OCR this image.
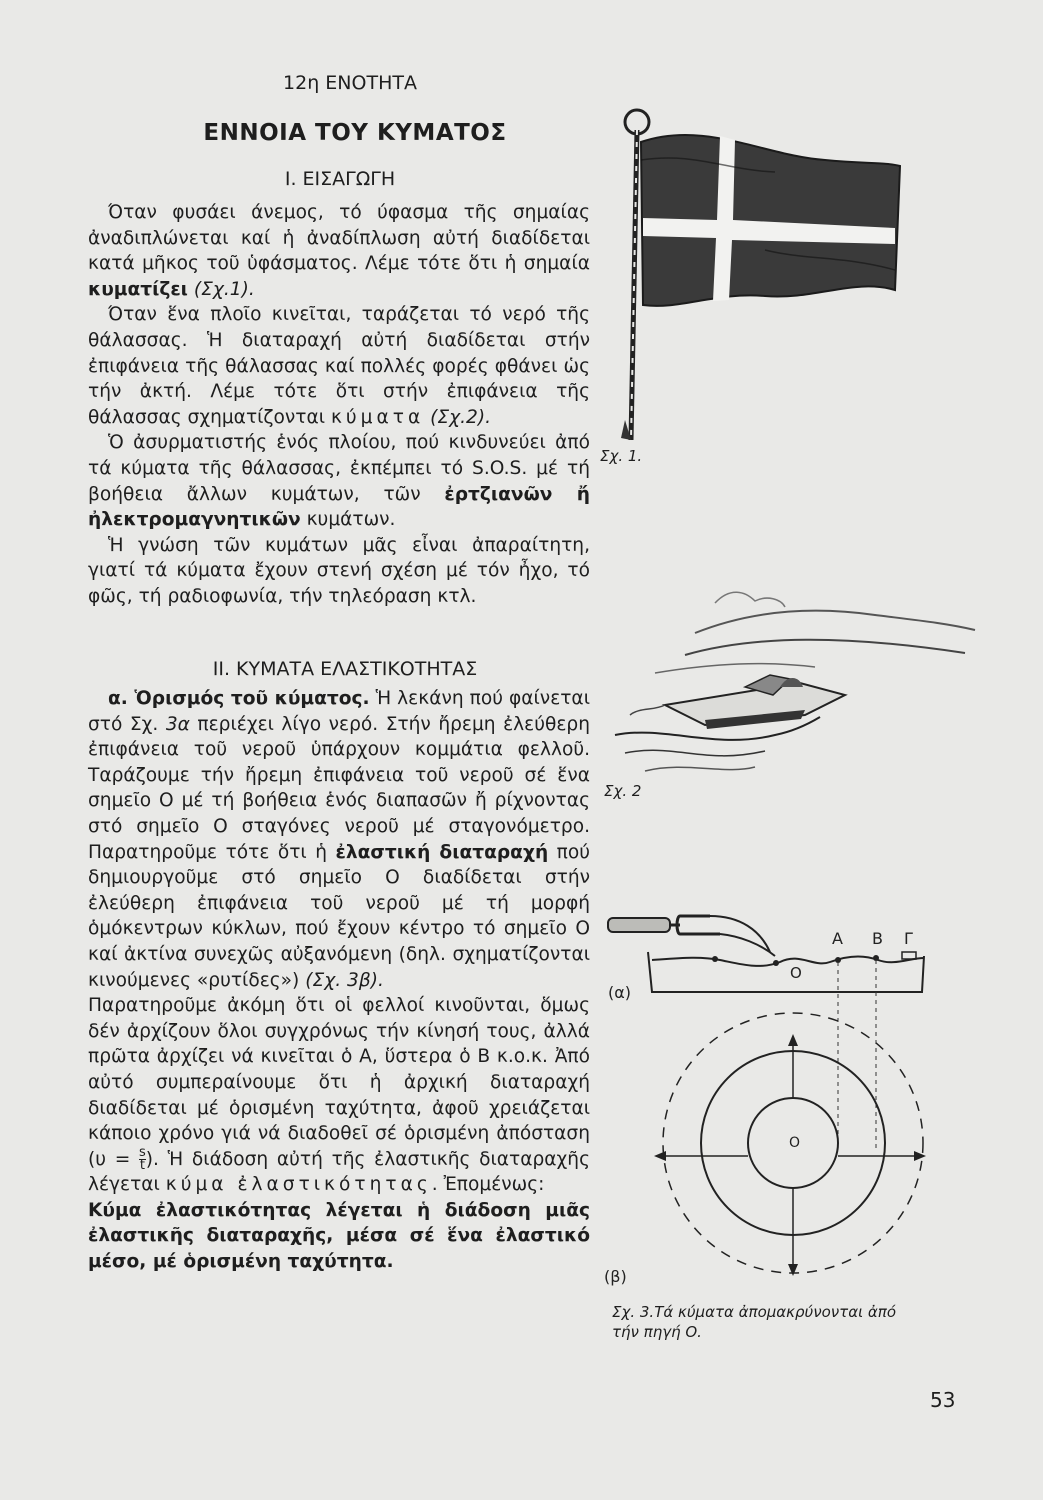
12η ΕΝΟΤΗΤΑ
ΕΝΝΟΙΑ ΤΟΥ ΚΥΜΑΤΟΣ
Ι. ΕΙΣΑΓΩΓΗ

Όταν φυσάει άνεμος, τό ύφασμα τῆς σημαίας ἀναδιπλώνεται καί ἡ ἀναδίπλωση αὐτή διαδίδεται κατά μῆκος τοῦ ὑφάσματος. Λέμε τότε ὅτι ἡ σημαία κυματίζει (Σχ.1).

Όταν ἕνα πλοῖο κινεῖται, ταράζεται τό νερό τῆς θάλασσας. Ἡ διαταραχή αὐτή διαδίδεται στήν ἐπιφάνεια τῆς θάλασσας καί πολλές φορές φθάνει ὡς τήν ἀκτή. Λέμε τότε ὅτι στήν ἐπιφάνεια τῆς θάλασσας σχηματίζονται κύματα (Σχ.2).

Ὁ ἀσυρματιστής ἑνός πλοίου, πού κινδυνεύει ἀπό τά κύματα τῆς θάλασσας, ἐκπέμπει τό S.O.S. μέ τή βοήθεια ἄλλων κυμάτων, τῶν ἐρτζιανῶν ἤ ἠλεκτρομαγνητικῶν κυμάτων.

Ἡ γνώση τῶν κυμάτων μᾶς εἶναι ἀπαραίτητη, γιατί τά κύματα ἔχουν στενή σχέση μέ τόν ἦχο, τό φῶς, τή ραδιοφωνία, τήν τηλεόραση κτλ.

ΙΙ. ΚΥΜΑΤΑ ΕΛΑΣΤΙΚΟΤΗΤΑΣ

α. Ὁρισμός τοῦ κύματος. Ἡ λεκάνη πού φαίνεται στό Σχ. 3α περιέχει λίγο νερό. Στήν ἤρεμη ἐλεύθερη ἐπιφάνεια τοῦ νεροῦ ὑπάρχουν κομμάτια φελλοῦ. Ταράζουμε τήν ἤρεμη ἐπιφάνεια τοῦ νεροῦ σέ ἕνα σημεῖο Ο μέ τή βοήθεια ἑνός διαπασῶν ἤ ρίχνοντας στό σημεῖο Ο σταγόνες νεροῦ μέ σταγονόμετρο. Παρατηροῦμε τότε ὅτι ἡ ἐλαστική διαταραχή πού δημιουργοῦμε στό σημεῖο Ο διαδίδεται στήν ἐλεύθερη ἐπιφάνεια τοῦ νεροῦ μέ τή μορφή ὁμόκεντρων κύκλων, πού ἔχουν κέντρο τό σημεῖο Ο καί ἀκτίνα συνεχῶς αὐξανόμενη (δηλ. σχηματίζονται κινούμενες «ρυτίδες») (Σχ. 3β).

Παρατηροῦμε ἀκόμη ὅτι οἱ φελλοί κινοῦνται, ὅμως δέν ἀρχίζουν ὅλοι συγχρόνως τήν κίνησή τους, ἀλλά πρῶτα ἀρχίζει νά κινεῖται ὁ Α, ὕστερα ὁ Β κ.ο.κ. Ἀπό αὐτό συμπεραίνουμε ὅτι ἡ ἀρχική διαταραχή διαδίδεται μέ ὁρισμένη ταχύτητα, ἀφοῦ χρειάζεται κάποιο χρόνο γιά νά διαδοθεῖ σέ ὁρισμένη ἀπόσταση ($\upsilon = \frac{s}{t}$ ). Ἡ διάδοση αὐτή τῆς ἐλαστικῆς διαταραχῆς λέγεται κύμα ἐλαστικότητας. Ἐπομένως:

Κύμα ἐλαστικότητας λέγεται ἡ διάδοση μιᾶς ἐλαστικῆς διαταραχῆς, μέσα σέ ἕνα ἐλαστικό μέσο, μέ ὁρισμένη ταχύτητα.

Σχ. 1.
Σχ. 2
Α Β Γ
Ο
(α)
Ο
(β)
Σχ. 3.Τά κύματα ἀπομακρύνονται ἀπό
τήν πηγή Ο.
53
